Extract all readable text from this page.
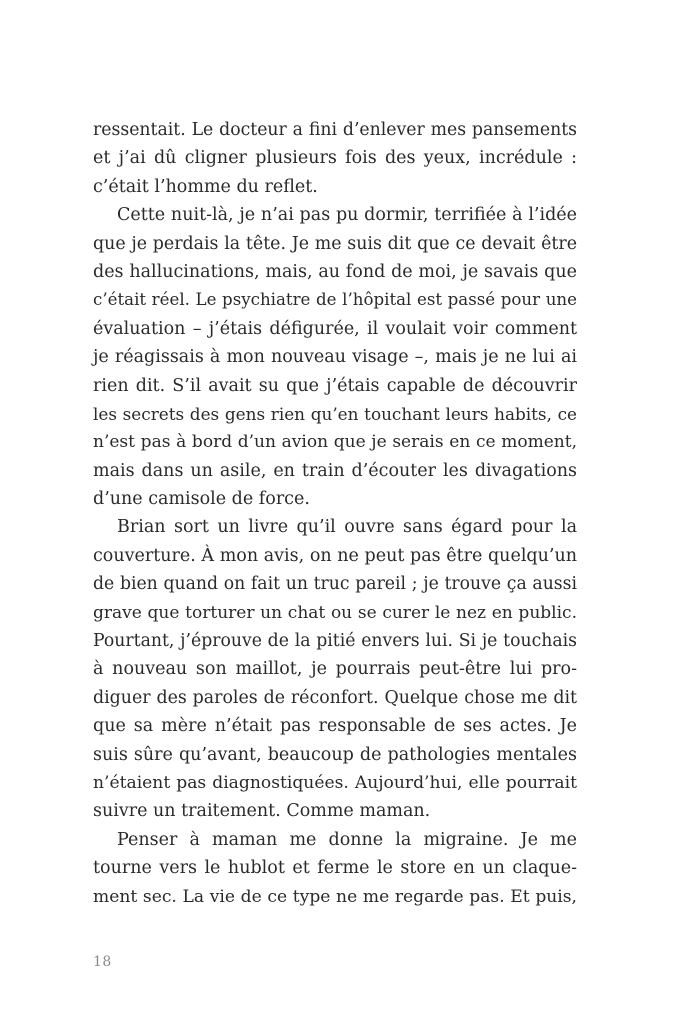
ressentait. Le docteur a fini d’enlever mes pansements
et j’ai dû cligner plusieurs fois des yeux, incrédule :
c’était l’homme du reflet.
Cette nuit-là, je n’ai pas pu dormir, terrifiée à l’idée
que je perdais la tête. Je me suis dit que ce devait être
des hallucinations, mais, au fond de moi, je savais que
c’était réel. Le psychiatre de l’hôpital est passé pour une
évaluation – j’étais défigurée, il voulait voir comment
je réagissais à mon nouveau visage –, mais je ne lui ai
rien dit. S’il avait su que j’étais capable de découvrir
les secrets des gens rien qu’en touchant leurs habits, ce
n’est pas à bord d’un avion que je serais en ce moment,
mais dans un asile, en train d’écouter les divagations
d’une camisole de force.
Brian sort un livre qu’il ouvre sans égard pour la
couverture. À mon avis, on ne peut pas être quelqu’un
de bien quand on fait un truc pareil ; je trouve ça aussi
grave que torturer un chat ou se curer le nez en public.
Pourtant, j’éprouve de la pitié envers lui. Si je touchais
à nouveau son maillot, je pourrais peut-être lui pro-
diguer des paroles de réconfort. Quelque chose me dit
que sa mère n’était pas responsable de ses actes. Je
suis sûre qu’avant, beaucoup de pathologies mentales
n’étaient pas diagnostiquées. Aujourd’hui, elle pourrait
suivre un traitement. Comme maman.
Penser à maman me donne la migraine. Je me
tourne vers le hublot et ferme le store en un claque-
ment sec. La vie de ce type ne me regarde pas. Et puis,
18
